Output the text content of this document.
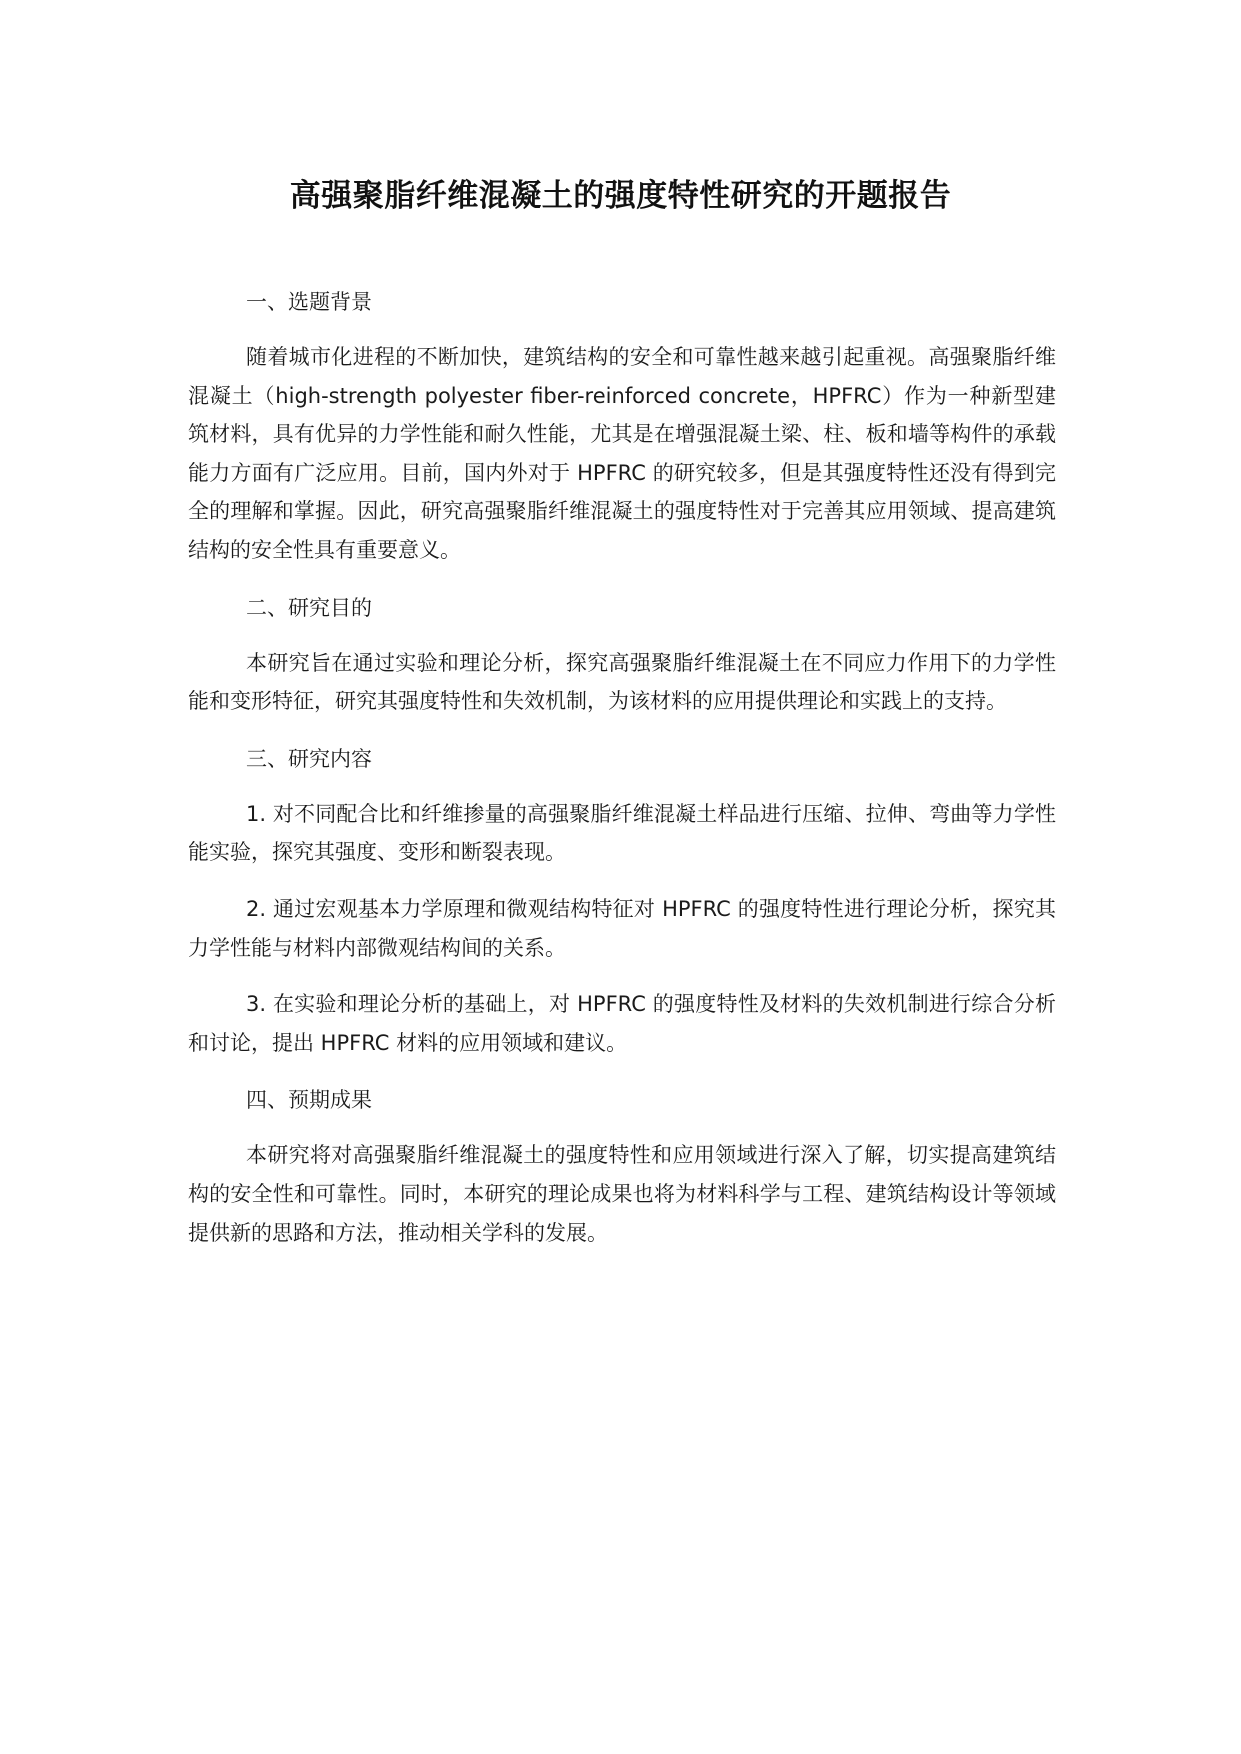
高强聚脂纤维混凝土的强度特性研究的开题报告

一、选题背景

随着城市化进程的不断加快，建筑结构的安全和可靠性越来越引起重视。高强聚脂纤维混凝土（high-strength polyester fiber-reinforced concrete，HPFRC）作为一种新型建筑材料，具有优异的力学性能和耐久性能，尤其是在增强混凝土梁、柱、板和墙等构件的承载能力方面有广泛应用。目前，国内外对于 HPFRC 的研究较多，但是其强度特性还没有得到完全的理解和掌握。因此，研究高强聚脂纤维混凝土的强度特性对于完善其应用领域、提高建筑结构的安全性具有重要意义。

二、研究目的

本研究旨在通过实验和理论分析，探究高强聚脂纤维混凝土在不同应力作用下的力学性能和变形特征，研究其强度特性和失效机制，为该材料的应用提供理论和实践上的支持。

三、研究内容

1. 对不同配合比和纤维掺量的高强聚脂纤维混凝土样品进行压缩、拉伸、弯曲等力学性能实验，探究其强度、变形和断裂表现。

2. 通过宏观基本力学原理和微观结构特征对 HPFRC 的强度特性进行理论分析，探究其力学性能与材料内部微观结构间的关系。

3. 在实验和理论分析的基础上，对 HPFRC 的强度特性及材料的失效机制进行综合分析和讨论，提出 HPFRC 材料的应用领域和建议。

四、预期成果

本研究将对高强聚脂纤维混凝土的强度特性和应用领域进行深入了解，切实提高建筑结构的安全性和可靠性。同时，本研究的理论成果也将为材料科学与工程、建筑结构设计等领域提供新的思路和方法，推动相关学科的发展。
